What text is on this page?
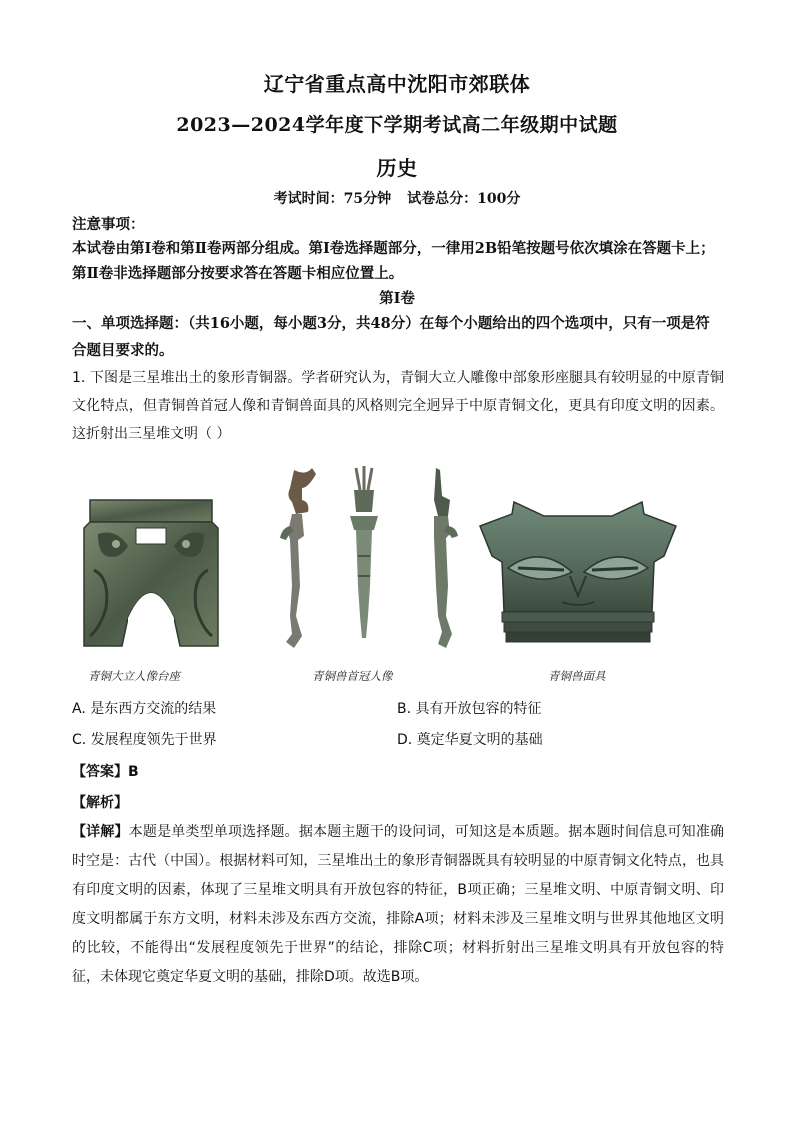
辽宁省重点高中沈阳市郊联体
2023—2024学年度下学期考试高二年级期中试题
历史
考试时间：75分钟 试卷总分：100分
注意事项：
本试卷由第Ⅰ卷和第Ⅱ卷两部分组成。第Ⅰ卷选择题部分，一律用2B铅笔按题号依次填涂在答题卡上；第Ⅱ卷非选择题部分按要求答在答题卡相应位置上。
第Ⅰ卷
一、单项选择题：（共16小题，每小题3分，共48分）在每个小题给出的四个选项中，只有一项是符合题目要求的。
1. 下图是三星堆出土的象形青铜器。学者研究认为，青铜大立人雕像中部象形座腿具有较明显的中原青铜文化特点，但青铜兽首冠人像和青铜兽面具的风格则完全迥异于中原青铜文化，更具有印度文明的因素。这折射出三星堆文明（ ）
青铜大立人像台座	青铜兽首冠人像	青铜兽面具
A. 是东西方交流的结果	B. 具有开放包容的特征
C. 发展程度领先于世界	D. 奠定华夏文明的基础
【答案】B
【解析】
【详解】本题是单类型单项选择题。据本题主题干的设问词，可知这是本质题。据本题时间信息可知准确时空是：古代（中国）。根据材料可知，三星堆出土的象形青铜器既具有较明显的中原青铜文化特点，也具有印度文明的因素，体现了三星堆文明具有开放包容的特征，B项正确；三星堆文明、中原青铜文明、印度文明都属于东方文明，材料未涉及东西方交流，排除A项；材料未涉及三星堆文明与世界其他地区文明的比较，不能得出“发展程度领先于世界”的结论，排除C项；材料折射出三星堆文明具有开放包容的特征，未体现它奠定华夏文明的基础，排除D项。故选B项。
